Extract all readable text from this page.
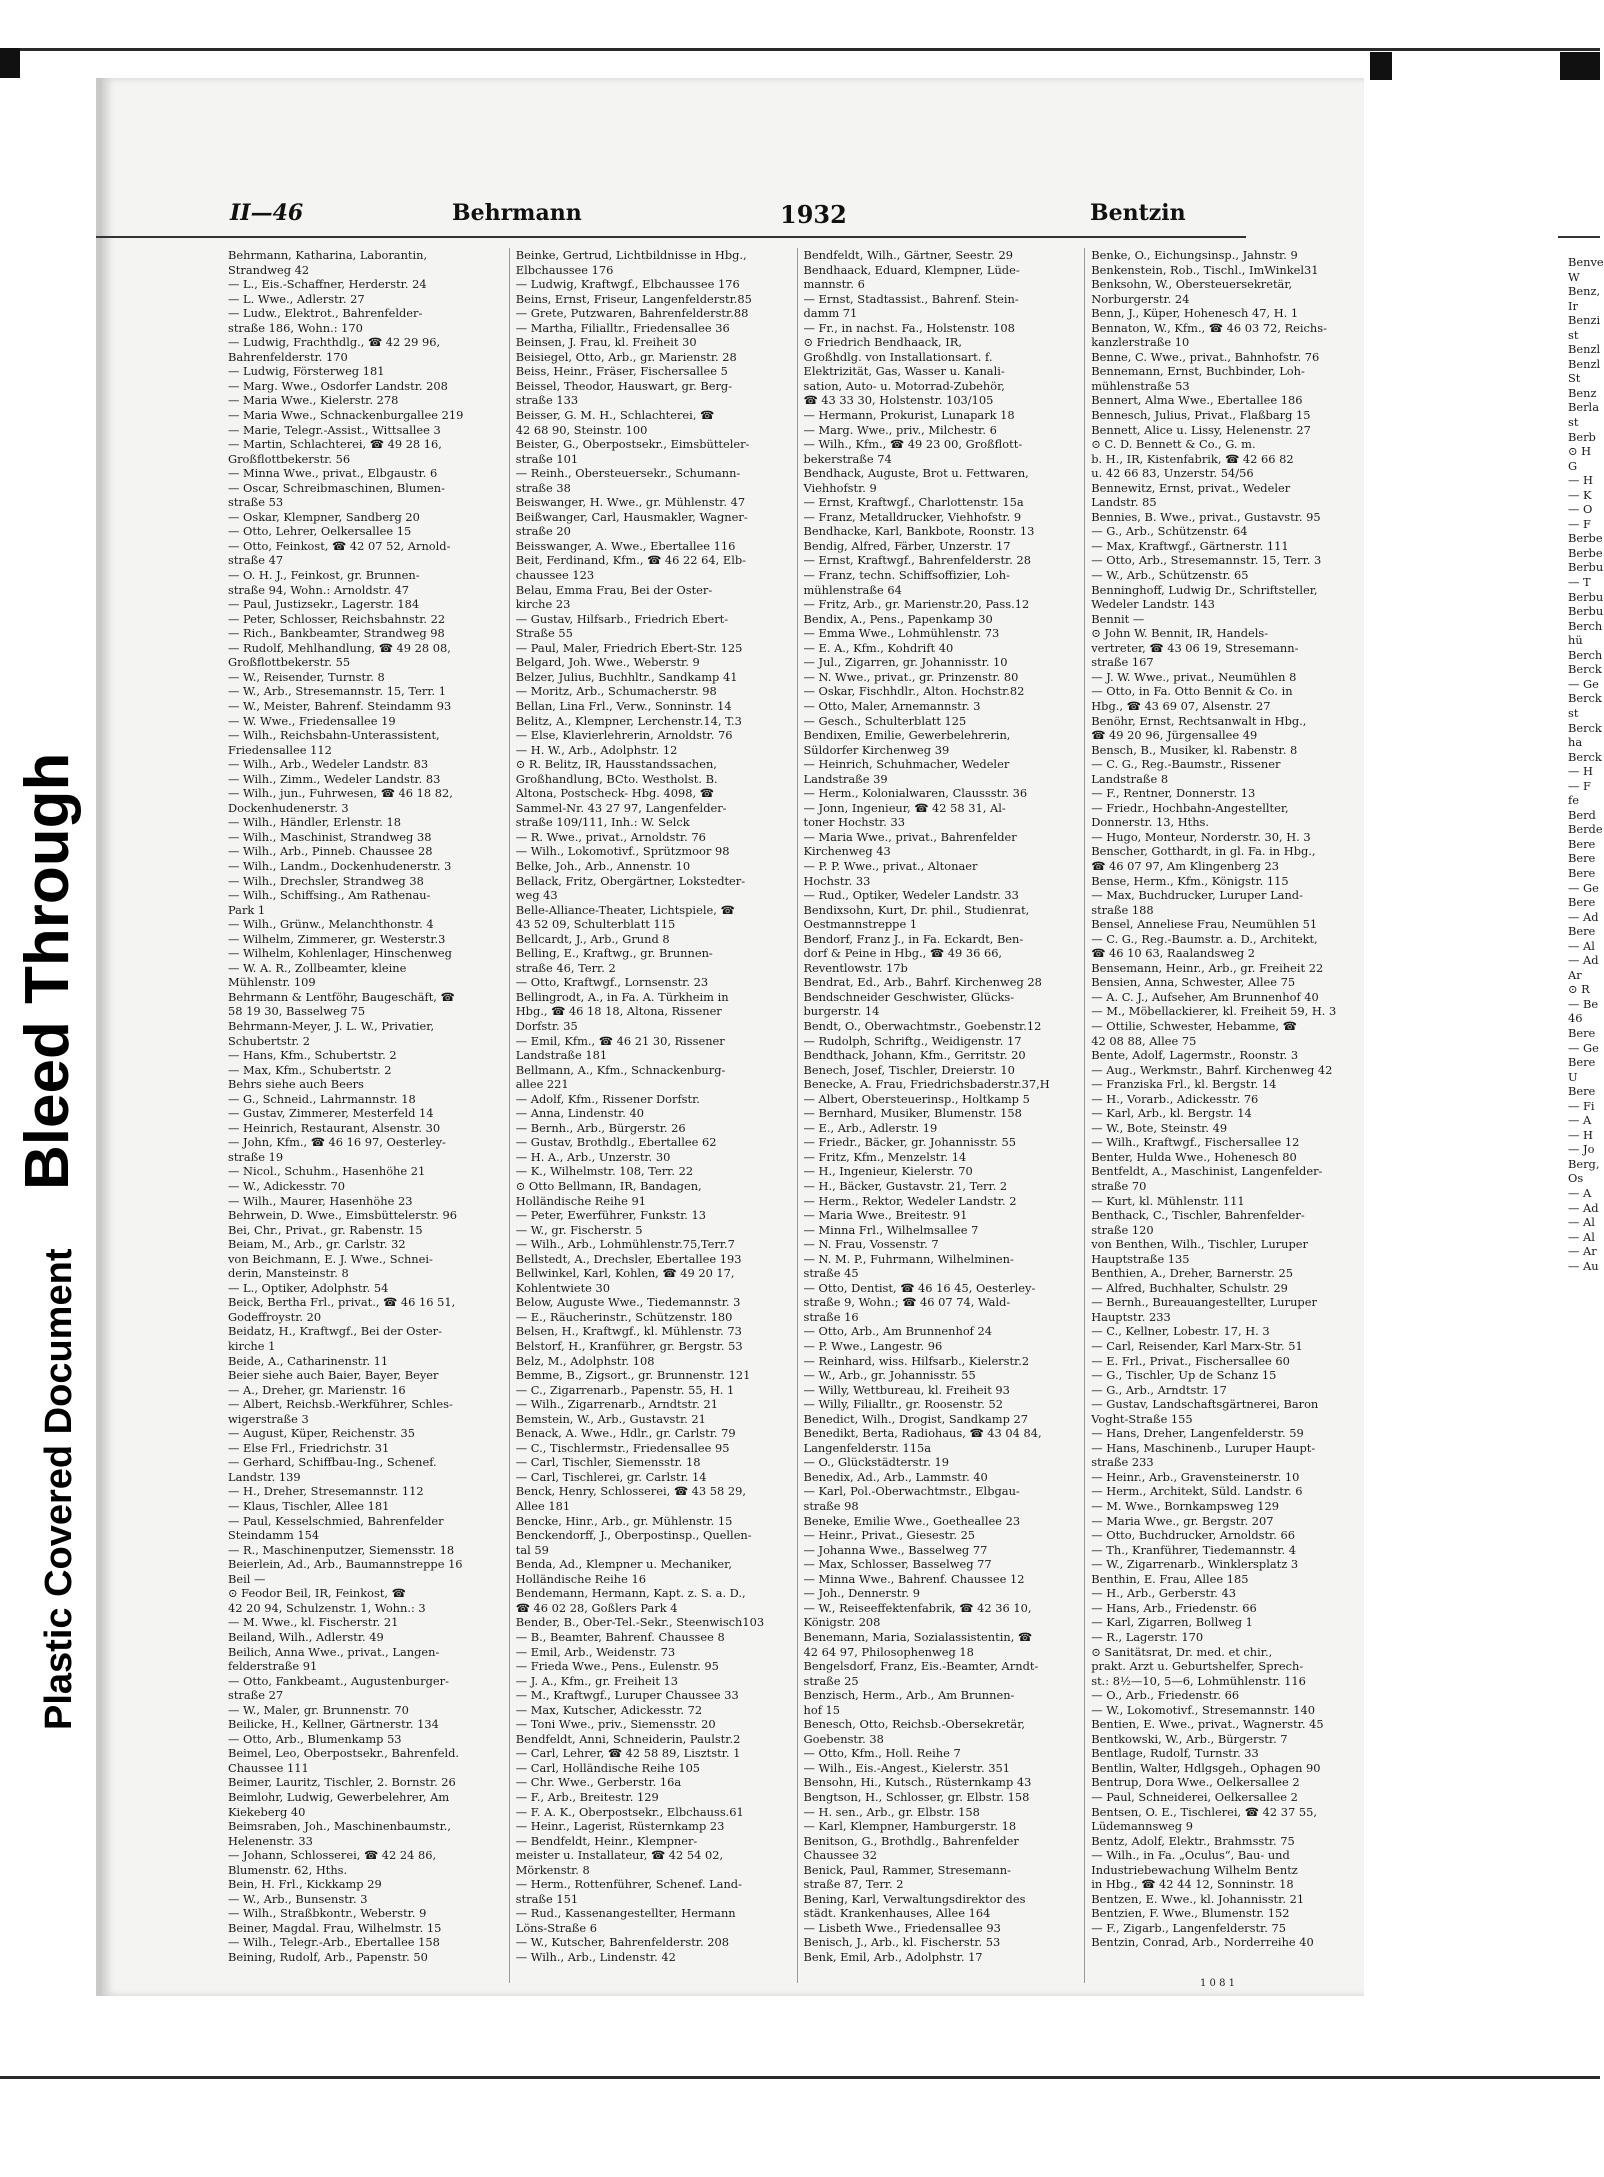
Bleed Through
Plastic Covered Document
II—46	Behrmann	1932	Bentzin
Behrmann, Katharina, Laborantin,
Strandweg 42
— L., Eis.-Schaffner, Herderstr. 24
— L. Wwe., Adlerstr. 27
— Ludw., Elektrot., Bahrenfelder-
straße 186, Wohn.: 170
— Ludwig, Frachthdlg., ☎ 42 29 96,
Bahrenfelderstr. 170
— Ludwig, Försterweg 181
— Marg. Wwe., Osdorfer Landstr. 208
— Maria Wwe., Kielerstr. 278
— Maria Wwe., Schnackenburgallee 219
— Marie, Telegr.-Assist., Wittsallee 3
— Martin, Schlachterei, ☎ 49 28 16,
Großflottbekerstr. 56
— Minna Wwe., privat., Elbgaustr. 6
— Oscar, Schreibmaschinen, Blumen-
straße 53
— Oskar, Klempner, Sandberg 20
— Otto, Lehrer, Oelkersallee 15
— Otto, Feinkost, ☎ 42 07 52, Arnold-
straße 47
— O. H. J., Feinkost, gr. Brunnen-
straße 94, Wohn.: Arnoldstr. 47
— Paul, Justizsekr., Lagerstr. 184
— Peter, Schlosser, Reichsbahnstr. 22
— Rich., Bankbeamter, Strandweg 98
— Rudolf, Mehlhandlung, ☎ 49 28 08,
Großflottbekerstr. 55
— W., Reisender, Turnstr. 8
— W., Arb., Stresemannstr. 15, Terr. 1
— W., Meister, Bahrenf. Steindamm 93
— W. Wwe., Friedensallee 19
— Wilh., Reichsbahn-Unterassistent,
Friedensallee 112
— Wilh., Arb., Wedeler Landstr. 83
— Wilh., Zimm., Wedeler Landstr. 83
— Wilh., jun., Fuhrwesen, ☎ 46 18 82,
Dockenhudenerstr. 3
— Wilh., Händler, Erlenstr. 18
— Wilh., Maschinist, Strandweg 38
— Wilh., Arb., Pinneb. Chaussee 28
— Wilh., Landm., Dockenhudenerstr. 3
— Wilh., Drechsler, Strandweg 38
— Wilh., Schiffsing., Am Rathenau-
Park 1
— Wilh., Grünw., Melanchthonstr. 4
— Wilhelm, Zimmerer, gr. Westerstr.3
— Wilhelm, Kohlenlager, Hinschenweg
— W. A. R., Zollbeamter, kleine
Mühlenstr. 109
Behrmann & Lentföhr, Baugeschäft, ☎
58 19 30, Basselweg 75
Behrmann-Meyer, J. L. W., Privatier,
Schubertstr. 2
— Hans, Kfm., Schubertstr. 2
— Max, Kfm., Schubertstr. 2
Behrs siehe auch Beers
— G., Schneid., Lahrmannstr. 18
— Gustav, Zimmerer, Mesterfeld 14
— Heinrich, Restaurant, Alsenstr. 30
— John, Kfm., ☎ 46 16 97, Oesterley-
straße 19
— Nicol., Schuhm., Hasenhöhe 21
— W., Adickesstr. 70
— Wilh., Maurer, Hasenhöhe 23
Behrwein, D. Wwe., Eimsbüttelerstr. 96
Bei, Chr., Privat., gr. Rabenstr. 15
Beiam, M., Arb., gr. Carlstr. 32
von Beichmann, E. J. Wwe., Schnei-
derin, Mansteinstr. 8
— L., Optiker, Adolphstr. 54
Beick, Bertha Frl., privat., ☎ 46 16 51,
Godeffroystr. 20
Beidatz, H., Kraftwgf., Bei der Oster-
kirche 1
Beide, A., Catharinenstr. 11
Beier siehe auch Baier, Bayer, Beyer
— A., Dreher, gr. Marienstr. 16
— Albert, Reichsb.-Werkführer, Schles-
wigerstraße 3
— August, Küper, Reichenstr. 35
— Else Frl., Friedrichstr. 31
— Gerhard, Schiffbau-Ing., Schenef.
Landstr. 139
— H., Dreher, Stresemannstr. 112
— Klaus, Tischler, Allee 181
— Paul, Kesselschmied, Bahrenfelder
Steindamm 154
— R., Maschinenputzer, Siemensstr. 18
Beierlein, Ad., Arb., Baumannstreppe 16
Beil —
⊙ Feodor Beil, IR, Feinkost, ☎
42 20 94, Schulzenstr. 1, Wohn.: 3
— M. Wwe., kl. Fischerstr. 21
Beiland, Wilh., Adlerstr. 49
Beilich, Anna Wwe., privat., Langen-
felderstraße 91
— Otto, Fankbeamt., Augustenburger-
straße 27
— W., Maler, gr. Brunnenstr. 70
Beilicke, H., Kellner, Gärtnerstr. 134
— Otto, Arb., Blumenkamp 53
Beimel, Leo, Oberpostsekr., Bahrenfeld.
Chaussee 111
Beimer, Lauritz, Tischler, 2. Bornstr. 26
Beimlohr, Ludwig, Gewerbelehrer, Am
Kiekeberg 40
Beimsraben, Joh., Maschinenbaumstr.,
Helenenstr. 33
— Johann, Schlosserei, ☎ 42 24 86,
Blumenstr. 62, Hths.
Bein, H. Frl., Kickkamp 29
— W., Arb., Bunsenstr. 3
— Wilh., Straßbkontr., Weberstr. 9
Beiner, Magdal. Frau, Wilhelmstr. 15
— Wilh., Telegr.-Arb., Ebertallee 158
Beining, Rudolf, Arb., Papenstr. 50
Beinke, Gertrud, Lichtbildnisse in Hbg.,
Elbchaussee 176
— Ludwig, Kraftwgf., Elbchaussee 176
Beins, Ernst, Friseur, Langenfelderstr.85
— Grete, Putzwaren, Bahrenfelderstr.88
— Martha, Filialltr., Friedensallee 36
Beinsen, J. Frau, kl. Freiheit 30
Beisiegel, Otto, Arb., gr. Marienstr. 28
Beiss, Heinr., Fräser, Fischersallee 5
Beissel, Theodor, Hauswart, gr. Berg-
straße 133
Beisser, G. M. H., Schlachterei, ☎
42 68 90, Steinstr. 100
Beister, G., Oberpostsekr., Eimsbütteler-
straße 101
— Reinh., Obersteuersekr., Schumann-
straße 38
Beiswanger, H. Wwe., gr. Mühlenstr. 47
Beißwanger, Carl, Hausmakler, Wagner-
straße 20
Beisswanger, A. Wwe., Ebertallee 116
Beit, Ferdinand, Kfm., ☎ 46 22 64, Elb-
chaussee 123
Belau, Emma Frau, Bei der Oster-
kirche 23
— Gustav, Hilfsarb., Friedrich Ebert-
Straße 55
— Paul, Maler, Friedrich Ebert-Str. 125
Belgard, Joh. Wwe., Weberstr. 9
Belzer, Julius, Buchhltr., Sandkamp 41
— Moritz, Arb., Schumacherstr. 98
Bellan, Lina Frl., Verw., Sonninstr. 14
Belitz, A., Klempner, Lerchenstr.14, T.3
— Else, Klavierlehrerin, Arnoldstr. 76
— H. W., Arb., Adolphstr. 12
⊙ R. Belitz, IR, Hausstandssachen,
Großhandlung, BCto. Westholst. B.
Altona, Postscheck- Hbg. 4098, ☎
Sammel-Nr. 43 27 97, Langenfelder-
straße 109/111, Inh.: W. Selck
— R. Wwe., privat., Arnoldstr. 76
— Wilh., Lokomotivf., Sprützmoor 98
Belke, Joh., Arb., Annenstr. 10
Bellack, Fritz, Obergärtner, Lokstedter-
weg 43
Belle-Alliance-Theater, Lichtspiele, ☎
43 52 09, Schulterblatt 115
Bellcardt, J., Arb., Grund 8
Belling, E., Kraftwg., gr. Brunnen-
straße 46, Terr. 2
— Otto, Kraftwgf., Lornsenstr. 23
Bellingrodt, A., in Fa. A. Türkheim in
Hbg., ☎ 46 18 18, Altona, Rissener
Dorfstr. 35
— Emil, Kfm., ☎ 46 21 30, Rissener
Landstraße 181
Bellmann, A., Kfm., Schnackenburg-
allee 221
— Adolf, Kfm., Rissener Dorfstr.
— Anna, Lindenstr. 40
— Bernh., Arb., Bürgerstr. 26
— Gustav, Brothdlg., Ebertallee 62
— H. A., Arb., Unzerstr. 30
— K., Wilhelmstr. 108, Terr. 22
⊙ Otto Bellmann, IR, Bandagen,
Holländische Reihe 91
— Peter, Ewerführer, Funkstr. 13
— W., gr. Fischerstr. 5
— Wilh., Arb., Lohmühlenstr.75,Terr.7
Bellstedt, A., Drechsler, Ebertallee 193
Bellwinkel, Karl, Kohlen, ☎ 49 20 17,
Kohlentwiete 30
Below, Auguste Wwe., Tiedemannstr. 3
— E., Räucherinstr., Schützenstr. 180
Belsen, H., Kraftwgf., kl. Mühlenstr. 73
Belstorf, H., Kranführer, gr. Bergstr. 53
Belz, M., Adolphstr. 108
Bemme, B., Zigsort., gr. Brunnenstr. 121
— C., Zigarrenarb., Papenstr. 55, H. 1
— Wilh., Zigarrenarb., Arndtstr. 21
Bemstein, W., Arb., Gustavstr. 21
Benack, A. Wwe., Hdlr., gr. Carlstr. 79
— C., Tischlermstr., Friedensallee 95
— Carl, Tischler, Siemensstr. 18
— Carl, Tischlerei, gr. Carlstr. 14
Benck, Henry, Schlosserei, ☎ 43 58 29,
Allee 181
Bencke, Hinr., Arb., gr. Mühlenstr. 15
Benckendorff, J., Oberpostinsp., Quellen-
tal 59
Benda, Ad., Klempner u. Mechaniker,
Holländische Reihe 16
Bendemann, Hermann, Kapt. z. S. a. D.,
☎ 46 02 28, Goßlers Park 4
Bender, B., Ober-Tel.-Sekr., Steenwisch103
— B., Beamter, Bahrenf. Chaussee 8
— Emil, Arb., Weidenstr. 73
— Frieda Wwe., Pens., Eulenstr. 95
— J. A., Kfm., gr. Freiheit 13
— M., Kraftwgf., Luruper Chaussee 33
— Max, Kutscher, Adickesstr. 72
— Toni Wwe., priv., Siemensstr. 20
Bendfeldt, Anni, Schneiderin, Paulstr.2
— Carl, Lehrer, ☎ 42 58 89, Lisztstr. 1
— Carl, Holländische Reihe 105
— Chr. Wwe., Gerberstr. 16a
— F., Arb., Breitestr. 129
— F. A. K., Oberpostsekr., Elbchauss.61
— Heinr., Lagerist, Rüsternkamp 23
— Bendfeldt, Heinr., Klempner-
meister u. Installateur, ☎ 42 54 02,
Mörkenstr. 8
— Herm., Rottenführer, Schenef. Land-
straße 151
— Rud., Kassenangestellter, Hermann
Löns-Straße 6
— W., Kutscher, Bahrenfelderstr. 208
— Wilh., Arb., Lindenstr. 42
Bendfeldt, Wilh., Gärtner, Seestr. 29
Bendhaack, Eduard, Klempner, Lüde-
mannstr. 6
— Ernst, Stadtassist., Bahrenf. Stein-
damm 71
— Fr., in nachst. Fa., Holstenstr. 108
⊙ Friedrich Bendhaack, IR,
Großhdlg. von Installationsart. f.
Elektrizität, Gas, Wasser u. Kanali-
sation, Auto- u. Motorrad-Zubehör,
☎ 43 33 30, Holstenstr. 103/105
— Hermann, Prokurist, Lunapark 18
— Marg. Wwe., priv., Milchestr. 6
— Wilh., Kfm., ☎ 49 23 00, Großflott-
bekerstraße 74
Bendhack, Auguste, Brot u. Fettwaren,
Viehhofstr. 9
— Ernst, Kraftwgf., Charlottenstr. 15a
— Franz, Metalldrucker, Viehhofstr. 9
Bendhacke, Karl, Bankbote, Roonstr. 13
Bendig, Alfred, Färber, Unzerstr. 17
— Ernst, Kraftwgf., Bahrenfelderstr. 28
— Franz, techn. Schiffsoffizier, Loh-
mühlenstraße 64
— Fritz, Arb., gr. Marienstr.20, Pass.12
Bendix, A., Pens., Papenkamp 30
— Emma Wwe., Lohmühlenstr. 73
— E. A., Kfm., Kohdrift 40
— Jul., Zigarren, gr. Johannisstr. 10
— N. Wwe., privat., gr. Prinzenstr. 80
— Oskar, Fischhdlr., Alton. Hochstr.82
— Otto, Maler, Arnemannstr. 3
— Gesch., Schulterblatt 125
Bendixen, Emilie, Gewerbelehrerin,
Süldorfer Kirchenweg 39
— Heinrich, Schuhmacher, Wedeler
Landstraße 39
— Herm., Kolonialwaren, Claussstr. 36
— Jonn, Ingenieur, ☎ 42 58 31, Al-
toner Hochstr. 33
— Maria Wwe., privat., Bahrenfelder
Kirchenweg 43
— P. P. Wwe., privat., Altonaer
Hochstr. 33
— Rud., Optiker, Wedeler Landstr. 33
Bendixsohn, Kurt, Dr. phil., Studienrat,
Oestmannstreppe 1
Bendorf, Franz J., in Fa. Eckardt, Ben-
dorf & Peine in Hbg., ☎ 49 36 66,
Reventlowstr. 17b
Bendrat, Ed., Arb., Bahrf. Kirchenweg 28
Bendschneider Geschwister, Glücks-
burgerstr. 14
Bendt, O., Oberwachtmstr., Goebenstr.12
— Rudolph, Schriftg., Weidigenstr. 17
Bendthack, Johann, Kfm., Gerritstr. 20
Benech, Josef, Tischler, Dreierstr. 10
Benecke, A. Frau, Friedrichsbaderstr.37,H
— Albert, Obersteuerinsp., Holtkamp 5
— Bernhard, Musiker, Blumenstr. 158
— E., Arb., Adlerstr. 19
— Friedr., Bäcker, gr. Johannisstr. 55
— Fritz, Kfm., Menzelstr. 14
— H., Ingenieur, Kielerstr. 70
— H., Bäcker, Gustavstr. 21, Terr. 2
— Herm., Rektor, Wedeler Landstr. 2
— Maria Wwe., Breitestr. 91
— Minna Frl., Wilhelmsallee 7
— N. Frau, Vossenstr. 7
— N. M. P., Fuhrmann, Wilhelminen-
straße 45
— Otto, Dentist, ☎ 46 16 45, Oesterley-
straße 9, Wohn.; ☎ 46 07 74, Wald-
straße 16
— Otto, Arb., Am Brunnenhof 24
— P. Wwe., Langestr. 96
— Reinhard, wiss. Hilfsarb., Kielerstr.2
— W., Arb., gr. Johannisstr. 55
— Willy, Wettbureau, kl. Freiheit 93
— Willy, Filialltr., gr. Roosenstr. 52
Benedict, Wilh., Drogist, Sandkamp 27
Benedikt, Berta, Radiohaus, ☎ 43 04 84,
Langenfelderstr. 115a
— O., Glückstädterstr. 19
Benedix, Ad., Arb., Lammstr. 40
— Karl, Pol.-Oberwachtmstr., Elbgau-
straße 98
Beneke, Emilie Wwe., Goetheallee 23
— Heinr., Privat., Giesestr. 25
— Johanna Wwe., Basselweg 77
— Max, Schlosser, Basselweg 77
— Minna Wwe., Bahrenf. Chaussee 12
— Joh., Dennerstr. 9
— W., Reiseeffektenfabrik, ☎ 42 36 10,
Königstr. 208
Benemann, Maria, Sozialassistentin, ☎
42 64 97, Philosophenweg 18
Bengelsdorf, Franz, Eis.-Beamter, Arndt-
straße 25
Benzisch, Herm., Arb., Am Brunnen-
hof 15
Benesch, Otto, Reichsb.-Obersekretär,
Goebenstr. 38
— Otto, Kfm., Holl. Reihe 7
— Wilh., Eis.-Angest., Kielerstr. 351
Bensohn, Hi., Kutsch., Rüsternkamp 43
Bengtson, H., Schlosser, gr. Elbstr. 158
— H. sen., Arb., gr. Elbstr. 158
— Karl, Klempner, Hamburgerstr. 18
Benitson, G., Brothdlg., Bahrenfelder
Chaussee 32
Benick, Paul, Rammer, Stresemann-
straße 87, Terr. 2
Bening, Karl, Verwaltungsdirektor des
städt. Krankenhauses, Allee 164
— Lisbeth Wwe., Friedensallee 93
Benisch, J., Arb., kl. Fischerstr. 53
Benk, Emil, Arb., Adolphstr. 17
Benke, O., Eichungsinsp., Jahnstr. 9
Benkenstein, Rob., Tischl., ImWinkel31
Benksohn, W., Obersteuersekretär,
Norburgerstr. 24
Benn, J., Küper, Hohenesch 47, H. 1
Bennaton, W., Kfm., ☎ 46 03 72, Reichs-
kanzlerstraße 10
Benne, C. Wwe., privat., Bahnhofstr. 76
Bennemann, Ernst, Buchbinder, Loh-
mühlenstraße 53
Bennert, Alma Wwe., Ebertallee 186
Bennesch, Julius, Privat., Flaßbarg 15
Bennett, Alice u. Lissy, Helenenstr. 27
⊙ C. D. Bennett & Co., G. m.
b. H., IR, Kistenfabrik, ☎ 42 66 82
u. 42 66 83, Unzerstr. 54/56
Bennewitz, Ernst, privat., Wedeler
Landstr. 85
Bennies, B. Wwe., privat., Gustavstr. 95
— G., Arb., Schützenstr. 64
— Max, Kraftwgf., Gärtnerstr. 111
— Otto, Arb., Stresemannstr. 15, Terr. 3
— W., Arb., Schützenstr. 65
Benninghoff, Ludwig Dr., Schriftsteller,
Wedeler Landstr. 143
Bennit —
⊙ John W. Bennit, IR, Handels-
vertreter, ☎ 43 06 19, Stresemann-
straße 167
— J. W. Wwe., privat., Neumühlen 8
— Otto, in Fa. Otto Bennit & Co. in
Hbg., ☎ 43 69 07, Alsenstr. 27
Benöhr, Ernst, Rechtsanwalt in Hbg.,
☎ 49 20 96, Jürgensallee 49
Bensch, B., Musiker, kl. Rabenstr. 8
— C. G., Reg.-Baumstr., Rissener
Landstraße 8
— F., Rentner, Donnerstr. 13
— Friedr., Hochbahn-Angestellter,
Donnerstr. 13, Hths.
— Hugo, Monteur, Norderstr. 30, H. 3
Benscher, Gotthardt, in gl. Fa. in Hbg.,
☎ 46 07 97, Am Klingenberg 23
Bense, Herm., Kfm., Königstr. 115
— Max, Buchdrucker, Luruper Land-
straße 188
Bensel, Anneliese Frau, Neumühlen 51
— C. G., Reg.-Baumstr. a. D., Architekt,
☎ 46 10 63, Raalandsweg 2
Bensemann, Heinr., Arb., gr. Freiheit 22
Bensien, Anna, Schwester, Allee 75
— A. C. J., Aufseher, Am Brunnenhof 40
— M., Möbellackierer, kl. Freiheit 59, H. 3
— Ottilie, Schwester, Hebamme, ☎
42 08 88, Allee 75
Bente, Adolf, Lagermstr., Roonstr. 3
— Aug., Werkmstr., Bahrf. Kirchenweg 42
— Franziska Frl., kl. Bergstr. 14
— H., Vorarb., Adickesstr. 76
— Karl, Arb., kl. Bergstr. 14
— W., Bote, Steinstr. 49
— Wilh., Kraftwgf., Fischersallee 12
Benter, Hulda Wwe., Hohenesch 80
Bentfeldt, A., Maschinist, Langenfelder-
straße 70
— Kurt, kl. Mühlenstr. 111
Benthack, C., Tischler, Bahrenfelder-
straße 120
von Benthen, Wilh., Tischler, Luruper
Hauptstraße 135
Benthien, A., Dreher, Barnerstr. 25
— Alfred, Buchhalter, Schulstr. 29
— Bernh., Bureauangestellter, Luruper
Hauptstr. 233
— C., Kellner, Lobestr. 17, H. 3
— Carl, Reisender, Karl Marx-Str. 51
— E. Frl., Privat., Fischersallee 60
— G., Tischler, Up de Schanz 15
— G., Arb., Arndtstr. 17
— Gustav, Landschaftsgärtnerei, Baron
Voght-Straße 155
— Hans, Dreher, Langenfelderstr. 59
— Hans, Maschinenb., Luruper Haupt-
straße 233
— Heinr., Arb., Gravensteinerstr. 10
— Herm., Architekt, Süld. Landstr. 6
— M. Wwe., Bornkampsweg 129
— Maria Wwe., gr. Bergstr. 207
— Otto, Buchdrucker, Arnoldstr. 66
— Th., Kranführer, Tiedemannstr. 4
— W., Zigarrenarb., Winklersplatz 3
Benthin, E. Frau, Allee 185
— H., Arb., Gerberstr. 43
— Hans, Arb., Friedenstr. 66
— Karl, Zigarren, Bollweg 1
— R., Lagerstr. 170
⊙ Sanitätsrat, Dr. med. et chir.,
prakt. Arzt u. Geburtshelfer, Sprech-
st.: 8½—10, 5—6, Lohmühlenstr. 116
— O., Arb., Friedenstr. 66
— W., Lokomotivf., Stresemannstr. 140
Bentien, E. Wwe., privat., Wagnerstr. 45
Bentkowski, W., Arb., Bürgerstr. 7
Bentlage, Rudolf, Turnstr. 33
Bentlin, Walter, Hdlgsgeh., Ophagen 90
Bentrup, Dora Wwe., Oelkersallee 2
— Paul, Schneiderei, Oelkersallee 2
Bentsen, O. E., Tischlerei, ☎ 42 37 55,
Lüdemannsweg 9
Bentz, Adolf, Elektr., Brahmsstr. 75
— Wilh., in Fa. „Oculus“, Bau- und
Industriebewachung Wilhelm Bentz
in Hbg., ☎ 42 44 12, Sonninstr. 18
Bentzen, E. Wwe., kl. Johannisstr. 21
Bentzien, F. Wwe., Blumenstr. 152
— F., Zigarb., Langenfelderstr. 75
Bentzin, Conrad, Arb., Norderreihe 40
Benve
W
Benz,
Ir
Benzi
st
Benzl
Benzl
St
Benz
Berla
st
Berb
⊙ H
G
— H
— K
— O
— F
Berbe
Berbe
Berbu
— T
Berbu
Berbu
Berch
hü
Berch
Berck
— Ge
Berck
st
Berck
ha
Berck
— H
— F
fe
Berd
Berde
Bere
Bere
Bere
— Ge
Bere
— Ad
Bere
— Al
— Ad
Ar
⊙ R
— Be
46
Bere
— Ge
Bere
U
Bere
— Fi
— A
— H
— Jo
Berg,
Os
— A
— Ad
— Al
— Al
— Ar
— Au
1 0 8 1
